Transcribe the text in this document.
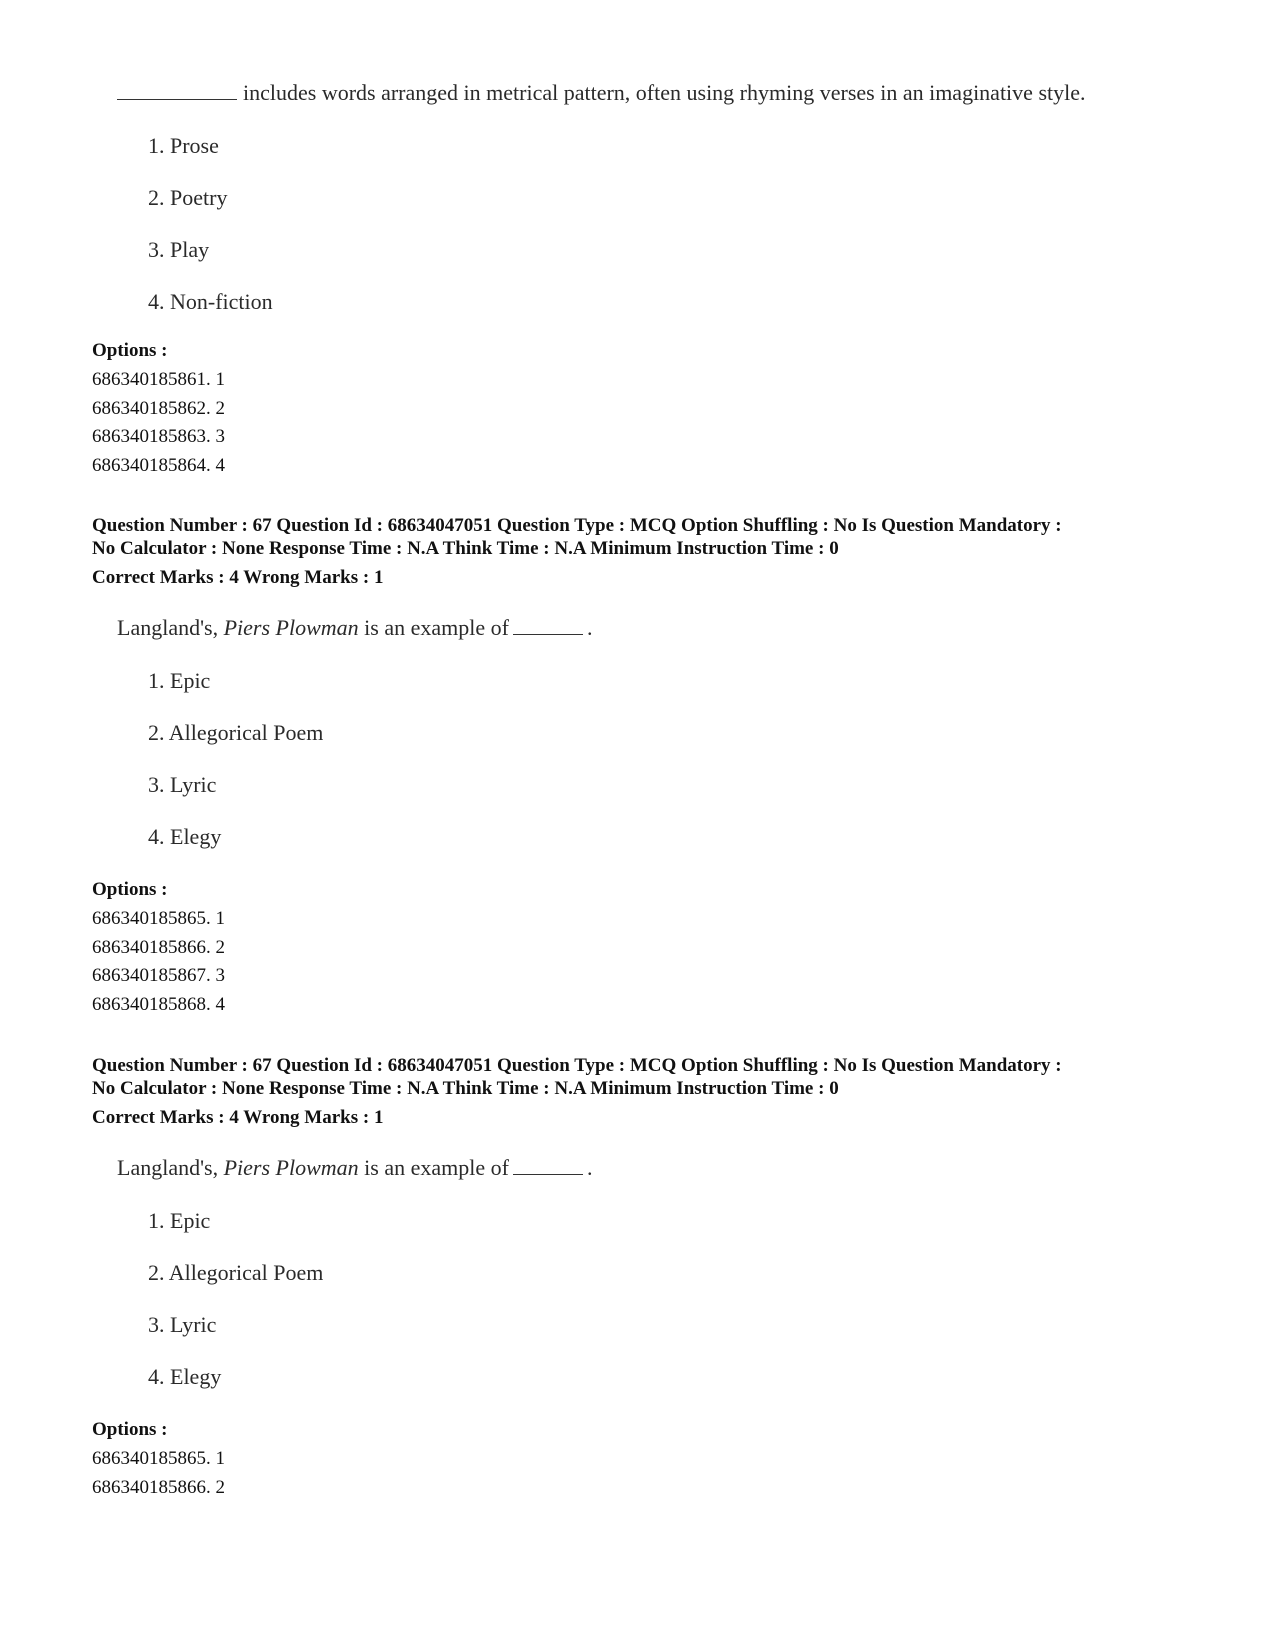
includes words arranged in metrical pattern, often using rhyming verses in an imaginative style.
1. Prose
2. Poetry
3. Play
4. Non-fiction
Options :
686340185861. 1
686340185862. 2
686340185863. 3
686340185864. 4
Question Number : 67 Question Id : 68634047051 Question Type : MCQ Option Shuffling : No Is Question Mandatory :
No Calculator : None Response Time : N.A Think Time : N.A Minimum Instruction Time : 0
Correct Marks : 4 Wrong Marks : 1
Langland's, Piers Plowman is an example of	.
1. Epic
2. Allegorical Poem
3. Lyric
4. Elegy
Options :
686340185865. 1
686340185866. 2
686340185867. 3
686340185868. 4
Question Number : 67 Question Id : 68634047051 Question Type : MCQ Option Shuffling : No Is Question Mandatory :
No Calculator : None Response Time : N.A Think Time : N.A Minimum Instruction Time : 0
Correct Marks : 4 Wrong Marks : 1
Langland's, Piers Plowman is an example of	.
1. Epic
2. Allegorical Poem
3. Lyric
4. Elegy
Options :
686340185865. 1
686340185866. 2
